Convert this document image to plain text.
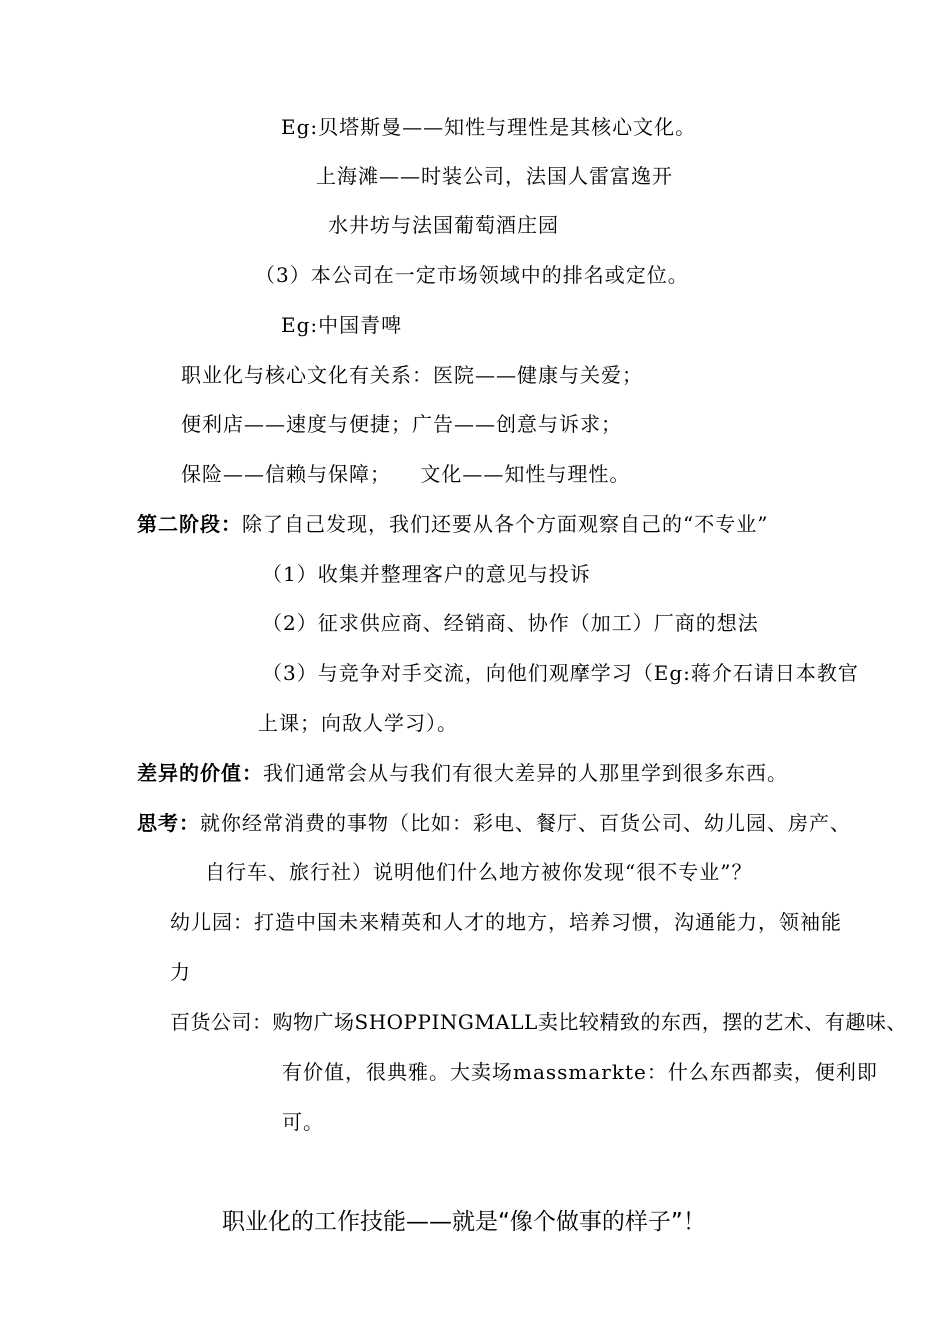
Eg:贝塔斯曼——知性与理性是其核心文化。
上海滩——时装公司，法国人雷富逸开
水井坊与法国葡萄酒庄园
（3）本公司在一定市场领域中的排名或定位。
Eg:中国青啤
职业化与核心文化有关系：医院——健康与关爱；
便利店——速度与便捷；广告——创意与诉求；
保险——信赖与保障；    文化——知性与理性。
第二阶段：除了自己发现，我们还要从各个方面观察自己的“不专业”
（1）收集并整理客户的意见与投诉
（2）征求供应商、经销商、协作（加工）厂商的想法
（3）与竞争对手交流，向他们观摩学习（Eg:蒋介石请日本教官
上课；向敌人学习）。
差异的价值：我们通常会从与我们有很大差异的人那里学到很多东西。
思考：就你经常消费的事物（比如：彩电、餐厅、百货公司、幼儿园、房产、
自行车、旅行社）说明他们什么地方被你发现“很不专业”？
幼儿园：打造中国未来精英和人才的地方，培养习惯，沟通能力，领袖能
力
百货公司：购物广场SHOPPINGMALL卖比较精致的东西，摆的艺术、有趣味、
有价值，很典雅。大卖场massmarkte：什么东西都卖，便利即
可。
职业化的工作技能——就是“像个做事的样子”！
